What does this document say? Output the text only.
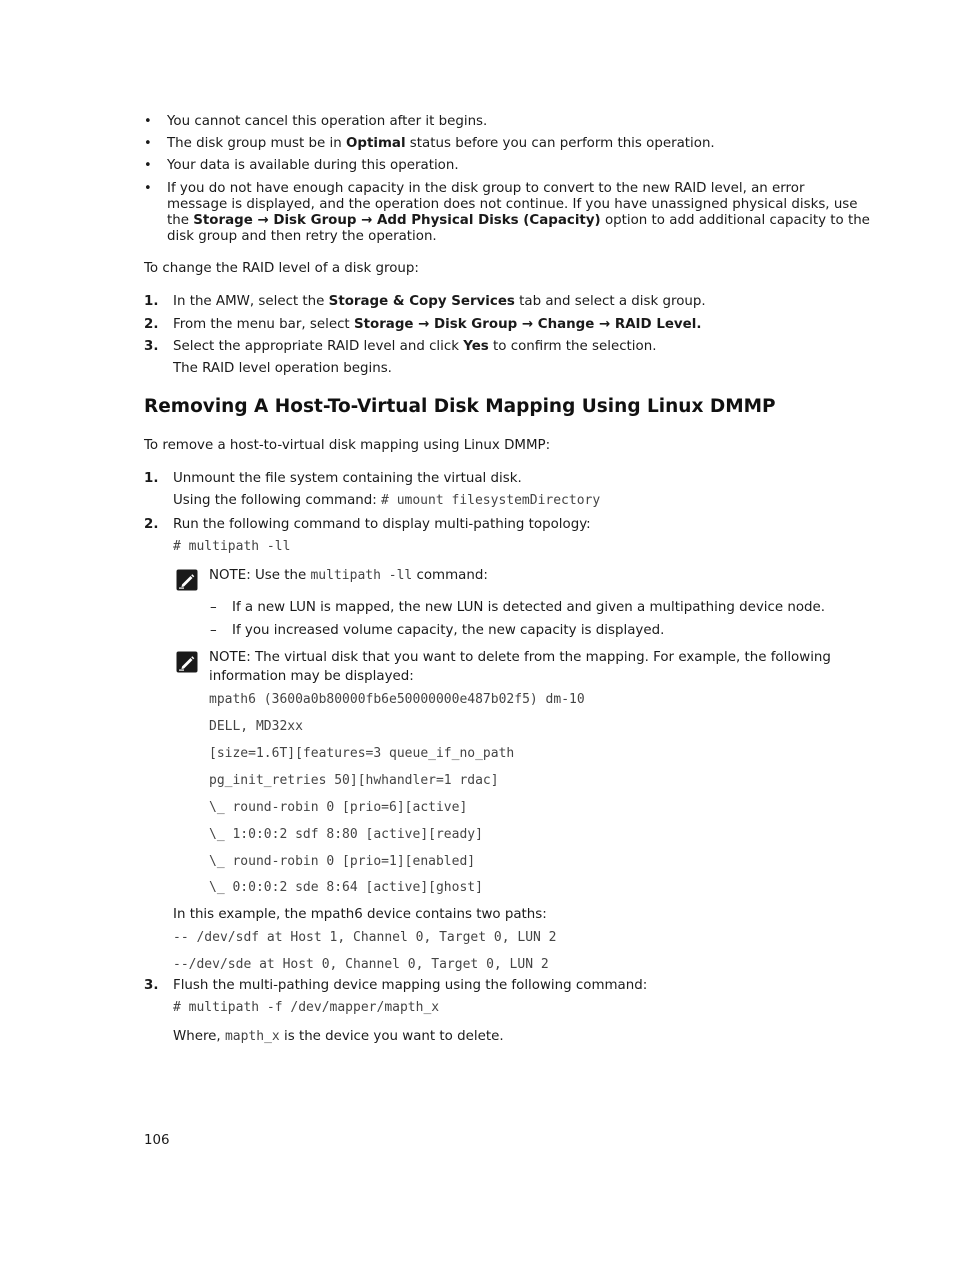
• You cannot cancel this operation after it begins.
• The disk group must be in Optimal status before you can perform this operation.
• Your data is available during this operation.
• If you do not have enough capacity in the disk group to convert to the new RAID level, an error
message is displayed, and the operation does not continue. If you have unassigned physical disks, use
the Storage → Disk Group → Add Physical Disks (Capacity) option to add additional capacity to the
disk group and then retry the operation.
To change the RAID level of a disk group:
1. In the AMW, select the Storage & Copy Services tab and select a disk group.
2. From the menu bar, select Storage → Disk Group → Change → RAID Level.
3. Select the appropriate RAID level and click Yes to confirm the selection.
The RAID level operation begins.
Removing A Host-To-Virtual Disk Mapping Using Linux DMMP
To remove a host-to-virtual disk mapping using Linux DMMP:
1. Unmount the file system containing the virtual disk.
Using the following command: # umount filesystemDirectory
2. Run the following command to display multi-pathing topology:
# multipath -ll
NOTE: Use the multipath -ll command:
– If a new LUN is mapped, the new LUN is detected and given a multipathing device node.
– If you increased volume capacity, the new capacity is displayed.
NOTE: The virtual disk that you want to delete from the mapping. For example, the following
information may be displayed:
mpath6 (3600a0b80000fb6e50000000e487b02f5) dm-10
DELL, MD32xx
[size=1.6T][features=3 queue_if_no_path
pg_init_retries 50][hwhandler=1 rdac]
\_ round-robin 0 [prio=6][active]
\_ 1:0:0:2 sdf 8:80 [active][ready]
\_ round-robin 0 [prio=1][enabled]
\_ 0:0:0:2 sde 8:64 [active][ghost]
In this example, the mpath6 device contains two paths:
-- /dev/sdf at Host 1, Channel 0, Target 0, LUN 2
--/dev/sde at Host 0, Channel 0, Target 0, LUN 2
3. Flush the multi-pathing device mapping using the following command:
# multipath -f /dev/mapper/mapth_x
Where, mapth_x is the device you want to delete.
106
